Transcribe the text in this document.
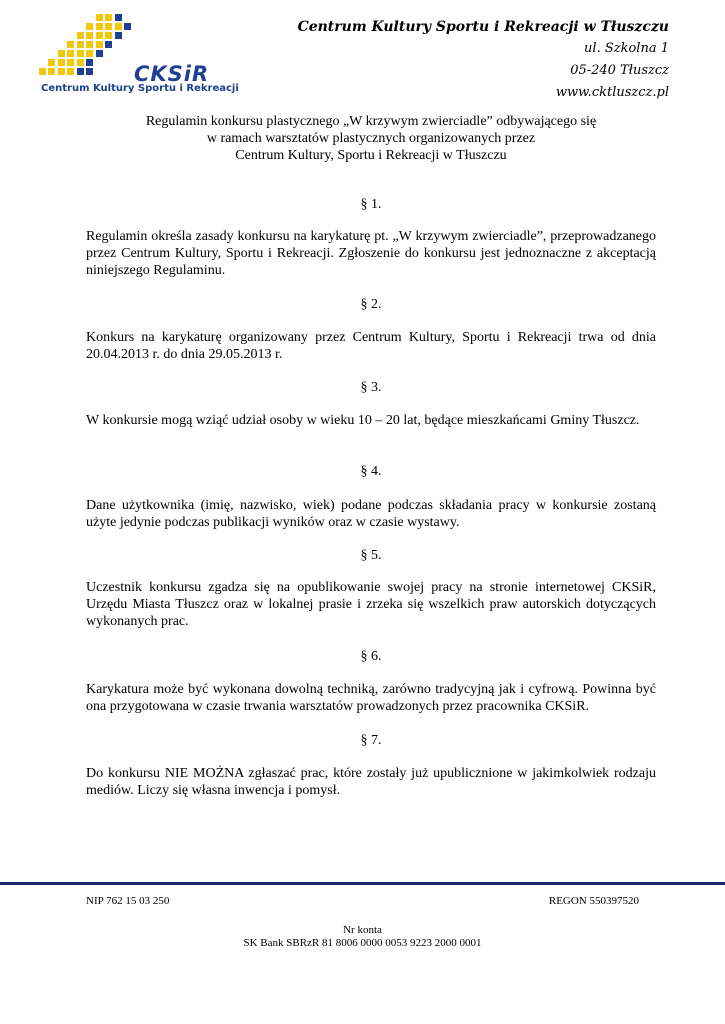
CKSiR
Centrum Kultury Sportu i Rekreacji
Centrum Kultury Sportu i Rekreacji w Tłuszczu
ul. Szkolna 1
05-240 Tłuszcz
www.cktluszcz.pl
Regulamin konkursu plastycznego „W krzywym zwierciadle” odbywającego się
w ramach warsztatów plastycznych organizowanych przez
Centrum Kultury, Sportu i Rekreacji w Tłuszczu
§ 1.
Regulamin określa zasady konkursu na karykaturę pt. „W krzywym zwierciadle”, przeprowadzanego przez Centrum Kultury, Sportu i Rekreacji. Zgłoszenie do konkursu jest jednoznaczne z akceptacją niniejszego Regulaminu.
§ 2.
Konkurs na karykaturę organizowany przez Centrum Kultury, Sportu i Rekreacji trwa od dnia 20.04.2013 r. do dnia 29.05.2013 r.
§ 3.
W konkursie mogą wziąć udział osoby w wieku 10 – 20 lat, będące mieszkańcami Gminy Tłuszcz.
§ 4.
Dane użytkownika (imię, nazwisko, wiek) podane podczas składania pracy w konkursie zostaną użyte jedynie podczas publikacji wyników oraz w czasie wystawy.
§ 5.
Uczestnik konkursu zgadza się na opublikowanie swojej pracy na stronie internetowej CKSiR, Urzędu Miasta Tłuszcz oraz w lokalnej prasie i zrzeka się wszelkich praw autorskich dotyczących wykonanych prac.
§ 6.
Karykatura może być wykonana dowolną techniką, zarówno tradycyjną jak i cyfrową. Powinna być ona przygotowana w czasie trwania warsztatów prowadzonych przez pracownika CKSiR.
§ 7.
Do konkursu NIE MOŻNA zgłaszać prac, które zostały już upublicznione w jakimkolwiek rodzaju mediów. Liczy się własna inwencja i pomysł.
NIP 762 15 03 250	REGON 550397520
Nr konta
SK Bank SBRzR 81 8006 0000 0053 9223 2000 0001
